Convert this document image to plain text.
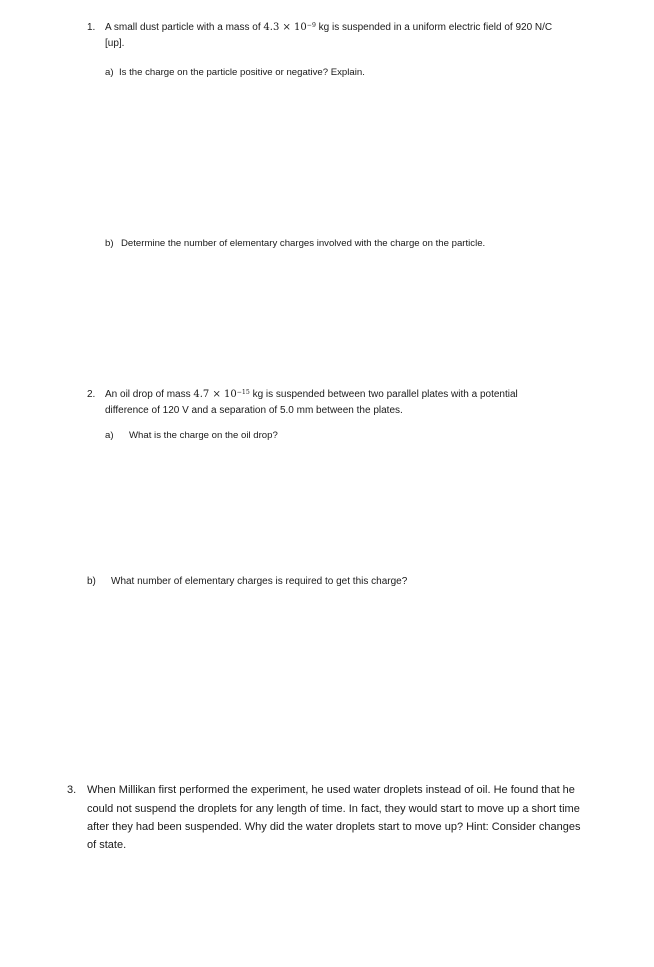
1. A small dust particle with a mass of $4.3 \times 10^{-9}$ kg is suspended in a uniform electric field of 920 N/C
[up].
a) Is the charge on the particle positive or negative? Explain.
b) Determine the number of elementary charges involved with the charge on the particle.
2. An oil drop of mass $4.7 \times 10^{-15}$ kg is suspended between two parallel plates with a potential
difference of 120 V and a separation of 5.0 mm between the plates.
a) What is the charge on the oil drop?
b) What number of elementary charges is required to get this charge?
3. When Millikan first performed the experiment, he used water droplets instead of oil. He found that he
could not suspend the droplets for any length of time. In fact, they would start to move up a short time
after they had been suspended. Why did the water droplets start to move up? Hint: Consider changes
of state.
